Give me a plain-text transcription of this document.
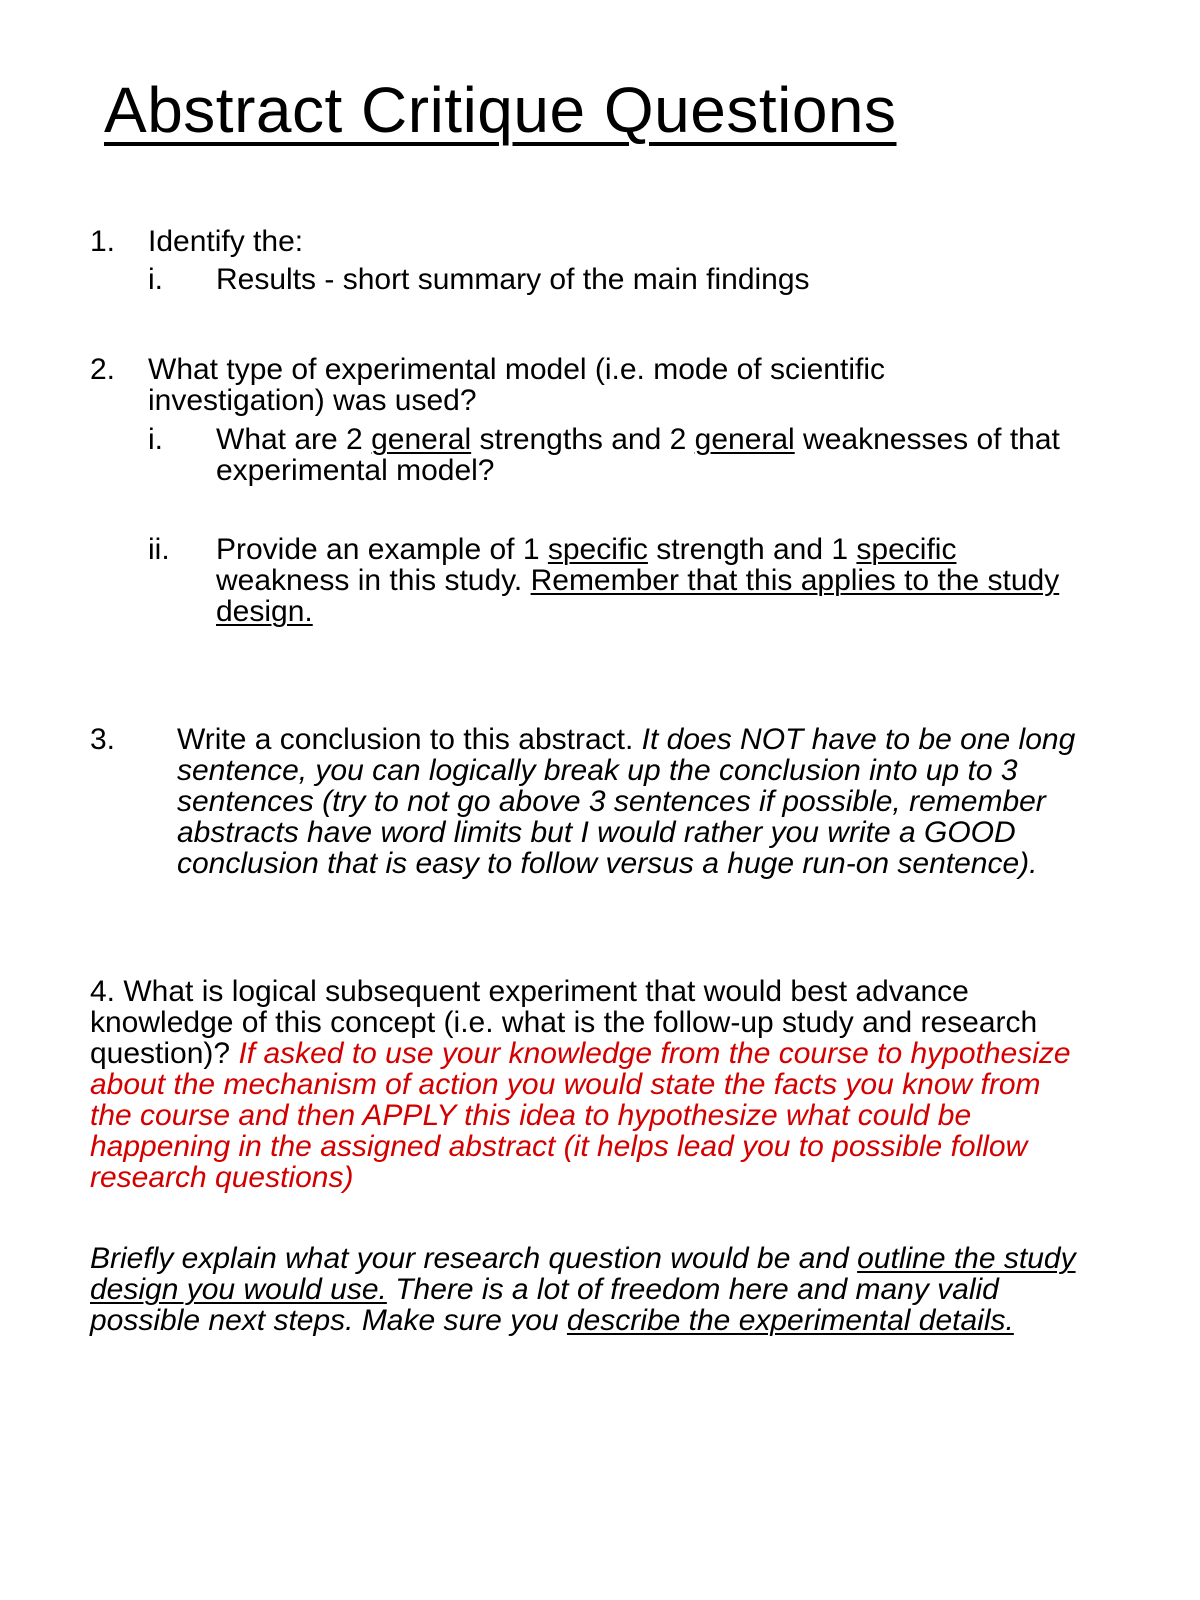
Abstract Critique Questions
1. Identify the:
i. Results - short summary of the main findings
2. What type of experimental model (i.e. mode of scientific investigation) was used?
i. What are 2 general strengths and 2 general weaknesses of that experimental model?
ii. Provide an example of 1 specific strength and 1 specific weakness in this study. Remember that this applies to the study design.
3. Write a conclusion to this abstract. It does NOT have to be one long sentence, you can logically break up the conclusion into up to 3 sentences (try to not go above 3 sentences if possible, remember abstracts have word limits but I would rather you write a GOOD conclusion that is easy to follow versus a huge run-on sentence).
4. What is logical subsequent experiment that would best advance knowledge of this concept (i.e. what is the follow-up study and research question)? If asked to use your knowledge from the course to hypothesize about the mechanism of action you would state the facts you know from the course and then APPLY this idea to hypothesize what could be happening in the assigned abstract (it helps lead you to possible follow research questions)
Briefly explain what your research question would be and outline the study design you would use. There is a lot of freedom here and many valid possible next steps. Make sure you describe the experimental details.
